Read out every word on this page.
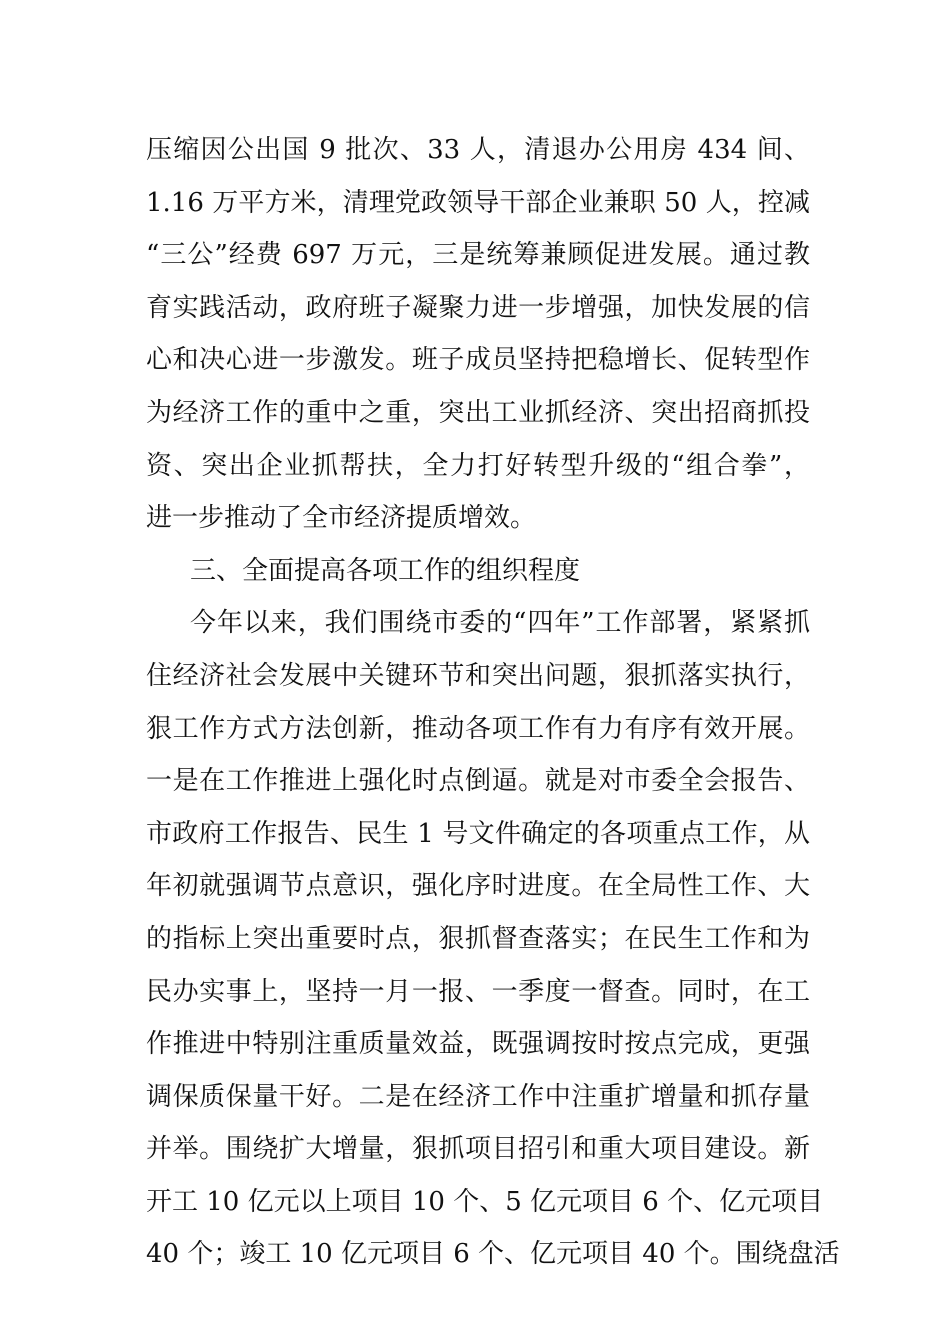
压缩因公出国 9 批次、33 人，清退办公用房 434 间、
1.16 万平方米，清理党政领导干部企业兼职 50 人，控减
“三公”经费 697 万元，三是统筹兼顾促进发展。通过教
育实践活动，政府班子凝聚力进一步增强，加快发展的信
心和决心进一步激发。班子成员坚持把稳增长、促转型作
为经济工作的重中之重，突出工业抓经济、突出招商抓投
资、突出企业抓帮扶，全力打好转型升级的“组合拳”，
进一步推动了全市经济提质增效。
三、全面提高各项工作的组织程度
今年以来，我们围绕市委的“四年”工作部署，紧紧抓
住经济社会发展中关键环节和突出问题，狠抓落实执行，
狠工作方式方法创新，推动各项工作有力有序有效开展。
一是在工作推进上强化时点倒逼。就是对市委全会报告、
市政府工作报告、民生 1 号文件确定的各项重点工作，从
年初就强调节点意识，强化序时进度。在全局性工作、大
的指标上突出重要时点，狠抓督查落实；在民生工作和为
民办实事上，坚持一月一报、一季度一督查。同时，在工
作推进中特别注重质量效益，既强调按时按点完成，更强
调保质保量干好。二是在经济工作中注重扩增量和抓存量
并举。围绕扩大增量，狠抓项目招引和重大项目建设。新
开工 10 亿元以上项目 10 个、5 亿元项目 6 个、亿元项目
40 个；竣工 10 亿元项目 6 个、亿元项目 40 个。围绕盘活
